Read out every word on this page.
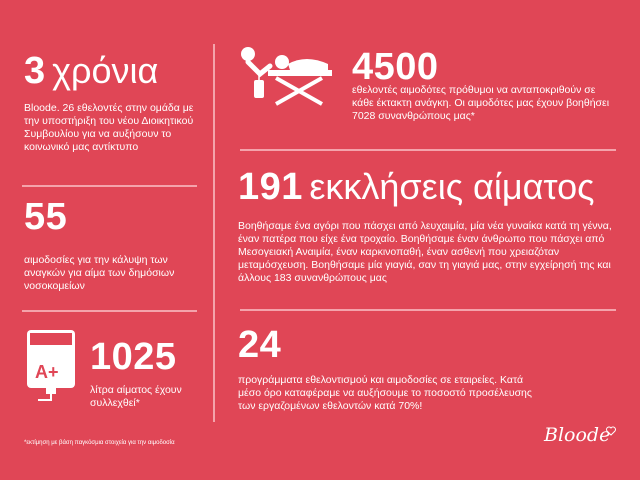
3 χρόνια
Bloode. 26 εθελοντές στην ομάδα με την υποστήριξη του νέου Διοικητικού Συμβουλίου για να αυξήσουν το κοινωνικό μας αντίκτυπο
55
αιμοδοσίες για την κάλυψη των αναγκών για αίμα των δημόσιων νοσοκομείων
A+ 1025
λίτρα αίματος έχουν συλλεχθεί*
*εκτίμηση με βάση παγκόσμια στοιχεία για την αιμοδοσία
4500
εθελοντές αιμοδότες πρόθυμοι να ανταποκριθούν σε κάθε έκτακτη ανάγκη. Οι αιμοδότες μας έχουν βοηθήσει 7028 συνανθρώπους μας*
191 εκκλήσεις αίματος
Βοηθήσαμε ένα αγόρι που πάσχει από λευχαιμία, μία νέα γυναίκα κατά τη γέννα, έναν πατέρα που είχε ένα τροχαίο. Βοηθήσαμε έναν άνθρωπο που πάσχει από Μεσογειακή Αναιμία, έναν καρκινοπαθή, έναν ασθενή που χρειαζόταν μεταμόσχευση. Βοηθήσαμε μία γιαγιά, σαν τη γιαγιά μας, στην εγχείρησή της και άλλους 183 συνανθρώπους μας
24
προγράμματα εθελοντισμού και αιμοδοσίες σε εταιρείες. Κατά μέσο όρο καταφέραμε να αυξήσουμε το ποσοστό προσέλευσης των εργαζομένων εθελοντών κατά 70%!
Bloode
